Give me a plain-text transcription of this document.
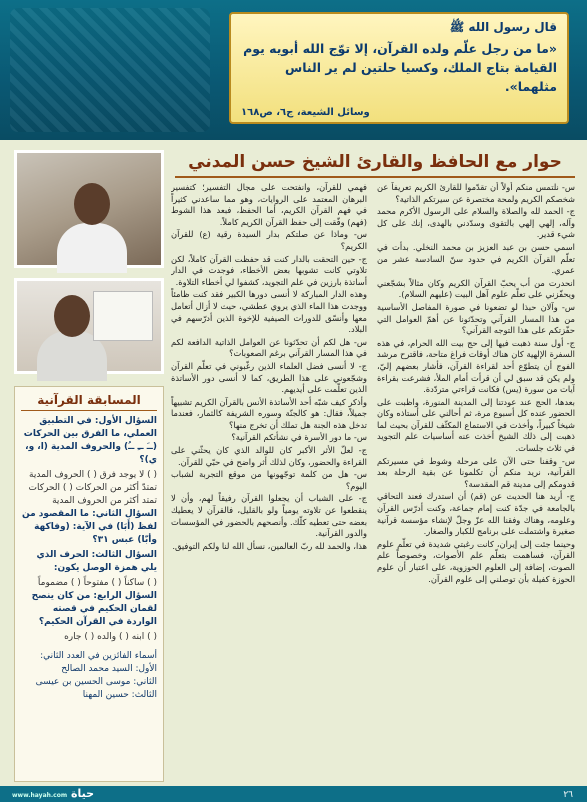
قال رسول الله ﷺ
«ما من رجل علّم ولده القرآن، إلا توّج الله أبويه يوم القيامة بتاج الملك، وكسيا حلتين لم ير الناس مثلهما».
وسائل الشيعة، ج٦، ص١٦٨
حوار مع الحافظ والقارئ الشيخ حسن المدني

س- نلتمس منكم أولاً أن تقدّموا للقارئ الكريم تعريفاً عن شخصكم الكريم ولمحة مختصرة عن سيرتكم الذاتية؟

ج- الحمد لله والصلاة والسلام على الرسول الأكرم محمد وآله، إلهي إلهي بالتقوى وسدّدني بالهدى، إنك على كل شيء قدير.

اسمي حسن بن عبد العزيز بن محمد النخلي. بدأت في تعلّم القرآن الكريم في حدود سنّ السادسة عشر من عمري.

انحدرت من أب يحبّ القرآن الكريم وكان مثالاً بشجّعني ويحفّزني على تعلّم علوم آهل البيت (عليهم السلام).

س- وآلان حبذا لو تضعونا في صورة المفاصل الأساسية من هذا المسار القرآني وتحدّثونا عن أهمّ العوامل التي حفّزتكم على هذا التوجه القرآني؟

ج- أول سنة ذهبت فيها إلى حج بيت الله الحرام، في هذه السفرة الإلهية كان هناك أوقات فراغ متاحة، فاقترح مرشد الفوج أن يتطوّع أحد لقراءة القرآن، فأشار بعضهم إليّ، ولم يكن قد سبق لي أن قرأت أمام الملأ، فشرعت بقراءة آيات من سورة (يس) فكانت قراءتي متردّدة.

بعدها، الحج عند عودتنا إلى المدينة المنورة، واظبت على الحضور عنده كل أسبوع مرة، ثم أحالني على أستاذه وكان شيخاً كبيراً، وأخذت في الاستماع المكثّف للقرآن بحيث لما ذهبت إلى ذلك الشيخ أخذت عنه أساسيات علم التجويد في ثلاث جلسات.

س- وقفنا حتى الآن على مرحلة وشوط في مسيرتكم القرآنية، نريد منكم أن تكلمونا عن بقية الرحلة بعد قدومكم إلى مدينة قم المقدسة؟

ج- أريد هنا الحديث عن (قم) أن استدرك فعند التحاقي بالجامعة في جدّة كنت إمام جماعة، وكنت أدرّس القرآن وعلومه، وهناك وفقنا الله عزّ وجلّ لإنشاء مؤسسة قرآنية صغيرة واشتملت على برنامج للكبار والصغار.

وحينما جئت إلى إيران، كانت رغبتي شديدة في تعلّم علوم القرآن، فساهمت بتعلّم علم الأصوات، وخصوصاً علم الصوت، إضافة إلى العلوم الحوزوية، على اعتبار أن علوم الحوزة كفيلة بأن توصلني إلى علوم القرآن.

فهمي للقرآن، وانفتحت على مجال التفسير؛ كتفسير البرهان المعتمد على الروايات، وهو مما ساعدني كثيراً في فهم القرآن الكريم، أما الحفظ، فبعد هذا الشوط (فهم) وفّقت إلى حفظ القرآن الكريم كاملاً.

س- وماذا عن صلتكم بدار السيدة رقية (ع) للقرآن الكريم؟

ج- حين التحقت بالدار كنت قد حفظت القرآن كاملاً، لكن تلاوتي كانت تشوبها بعض الأخطاء، فوجدت في الدار أساتذة بارزين في علم التجويد، كشفوا لي أخطاء التلاوة.

وهذه الدار المباركة لا أنسى دورها الكبير فقد كنت ظامئاً ووجدت هذا الماء الذي يروي عطشي، حيث لا أزال أتعامل معها وأنسّق للدورات الصيفية للإخوة الذين أدرّسهم في البلاد.

س- هل لكم أن تحدّثونا عن العوامل الذاتية الدافعة لكم في هذا المسار القرآني برغم الصعوبات؟

ج- لا أنسى فضل العلماء الذين رغّبوني في تعلّم القرآن وشجّعوني على هذا الطريق، كما لا أنسى دور الأساتذة الذين تعلّمت على أيديهم.

وأذكر كيف شبّه أحد الأساتذة الأنس بالقرآن الكريم تشبيهاً جميلاً، فقال: هو كالجنّة وسوره الشريفة كالثمار، فعندما تدخل هذه الجنة هل تملك أن تخرج منها؟

س- ما دور الأسرة في نشأتكم القرآنية؟

ج- لعلّ الأثر الأكبر كان للوالد الذي كان يحثّني على القراءة والحضور، وكان لذلك أثر واضح في حبّي للقرآن.

س- هل من كلمة توجّهونها من موقع التجربة لشباب اليوم؟

ج- على الشباب أن يجعلوا القرآن رفيقاً لهم، وأن لا ينقطعوا عن تلاوته يومياً ولو بالقليل، فالقرآن لا يعطيك بعضه حتى تعطيه كلّك. وأنصحهم بالحضور في المؤسسات والدور القرآنية.

هذا، والحمد لله ربّ العالمين، نسأل الله لنا ولكم التوفيق.

المسابقة القرآنية
السؤال الأول: في التطبيق العملي، ما الفرق بين الحركات (ــَ ــِ ــُ) والحروف المدية (ا، و، ي)؟
( ) لا يوجد فرق ( ) الحروف المدية تمتدّ أكثر من الحركات ( ) الحركات تمتد أكثر من الحروف المدية
السؤال الثاني: ما المقصود من لفظ (أَبَا) في الآية: (وفاكهة وأبّا) عبس ٣١؟
السؤال الثالث: الحرف الذي يلي همزة الوصل يكون:
( ) ساكناً ( ) مفتوحاً ( ) مضموماً
السؤال الرابع: من كان ينصح لقمان الحكيم في قصته الواردة في القرآن الحكيم؟
( ) ابنه ( ) والده ( ) جاره
أسماء الفائزين في العدد الثاني:
الأول: السيد محمد الصالح
الثاني: موسى الحسين بن عيسى
الثالث: حسين المهنا
حياة www.hayah.com	٢٦
